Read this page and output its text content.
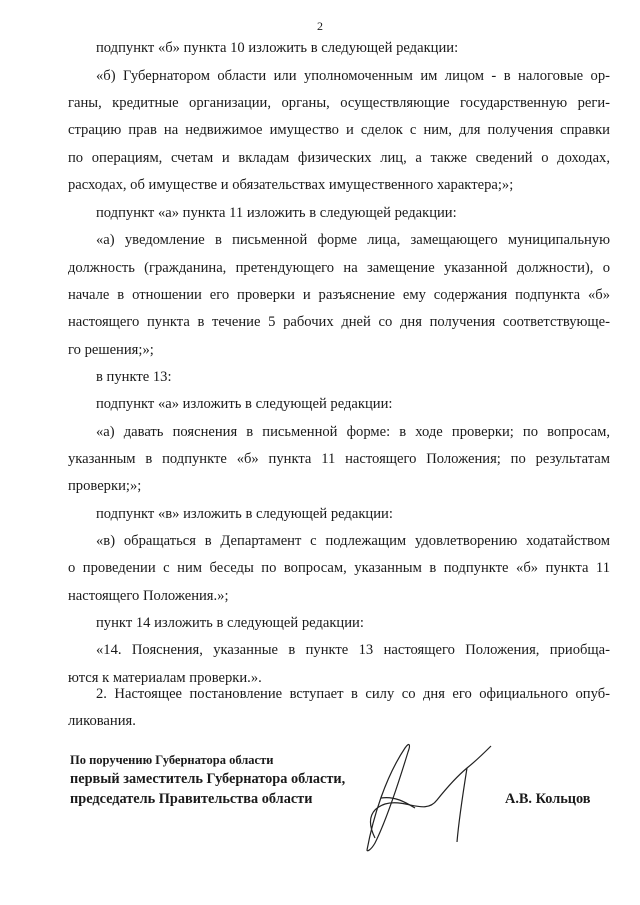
2
подпункт «б» пункта 10 изложить в следующей редакции:
«б) Губернатором области или уполномоченным им лицом - в налоговые ор-
ганы, кредитные организации, органы, осуществляющие государственную реги-
страцию прав на недвижимое имущество и сделок с ним, для получения справки
по операциям, счетам и вкладам физических лиц, а также сведений о доходах,
расходах, об имуществе и обязательствах имущественного характера;»;
подпункт «а» пункта 11 изложить в следующей редакции:
«а) уведомление в письменной форме лица, замещающего муниципальную
должность (гражданина, претендующего на замещение указанной должности), о
начале в отношении его проверки и разъяснение ему содержания подпункта «б»
настоящего пункта в течение 5 рабочих дней со дня получения соответствующе-
го решения;»;
в пункте 13:
подпункт «а» изложить в следующей редакции:
«а) давать пояснения в письменной форме: в ходе проверки; по вопросам,
указанным в подпункте «б» пункта 11 настоящего Положения; по результатам
проверки;»;
подпункт «в» изложить в следующей редакции:
«в) обращаться в Департамент с подлежащим удовлетворению ходатайством
о проведении с ним беседы по вопросам, указанным в подпункте «б» пункта 11
настоящего Положения.»;
пункт 14 изложить в следующей редакции:
«14. Пояснения, указанные в пункте 13 настоящего Положения, приобща-
ются к материалам проверки.».
2. Настоящее постановление вступает в силу со дня его официального опуб-
ликования.
По поручению Губернатора области
первый заместитель Губернатора области,
председатель Правительства области	А.В. Кольцов
